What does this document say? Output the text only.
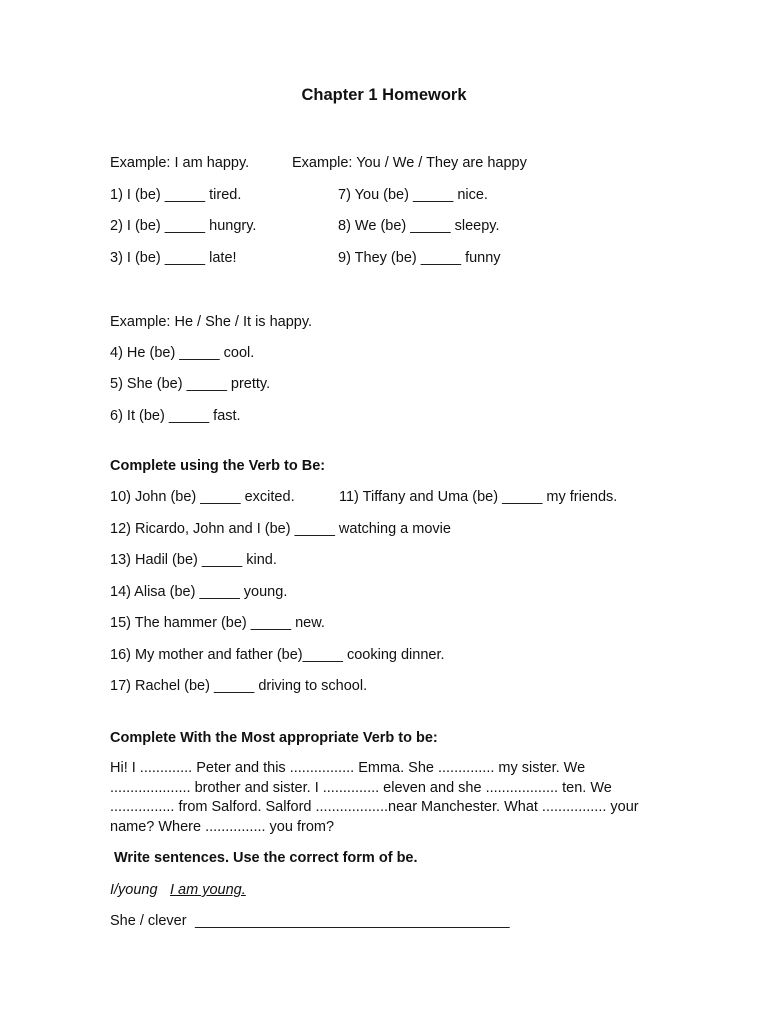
Chapter 1 Homework
Example: I am happy.	Example: You / We / They are happy
1) I (be) _____ tired.
2) I (be) _____ hungry.
3) I (be) _____ late!
7) You (be) _____ nice.
8) We (be) _____ sleepy.
9) They (be) _____ funny
Example: He / She / It is happy.
4) He (be) _____ cool.
5) She (be) _____ pretty.
6) It (be) _____ fast.
Complete using the Verb to Be:
10) John (be) _____ excited.	11) Tiffany and Uma (be) _____ my friends.
12) Ricardo, John and I (be) _____ watching a movie
13) Hadil (be) _____ kind.
14) Alisa (be) _____ young.
15) The hammer (be) _____ new.
16) My mother and father (be)_____ cooking dinner.
17) Rachel (be) _____ driving to school.
Complete With the Most appropriate Verb to be:
Hi! I ............. Peter and this ................ Emma. She .............. my sister. We .................... brother and sister. I .............. eleven and she .................. ten. We ................ from Salford. Salford ..................near Manchester. What ................ your name? Where ............... you from?
Write sentences. Use the correct form of be.
I/young I am young.
She / clever _______________________________________
